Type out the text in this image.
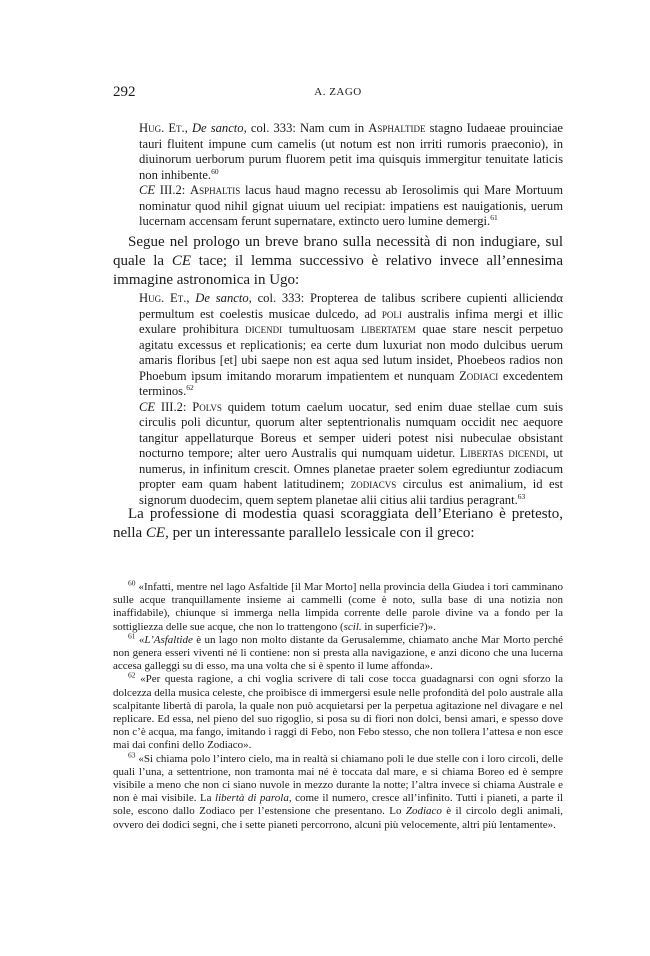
292	A. ZAGO

Hug. Et., De sancto, col. 333: Nam cum in Asphaltide stagno Iudaeae prouinciae tauri fluitent impune cum camelis (ut notum est non irriti rumoris praeconio), in diuinorum uerborum purum fluorem petit ima quisquis immergitur tenuitate laticis non inhibente.$^{60}$

CE III.2: Asphaltis lacus haud magno recessu ab Ierosolimis qui Mare Mortuum nominatur quod nihil gignat uiuum uel recipiat: impatiens est nauigationis, uerum lucernam accensam ferunt supernatare, extincto uero lumine demergi.$^{61}$

Segue nel prologo un breve brano sulla necessità di non indugiare, sul quale la CE tace; il lemma successivo è relativo invece all’ennesima immagine astronomica in Ugo:

Hug. Et., De sancto, col. 333: Propterea de talibus scribere cupienti alliciendα permultum est coelestis musicae dulcedo, ad poli australis infima mergi et illic exulare prohibitura dicendi tumultuosam libertatem quae stare nescit perpetuo agitatu excessus et replicationis; ea certe dum luxuriat non modo dulcibus uerum amaris floribus [et] ubi saepe non est aqua sed lutum insidet, Phoebeos radios non Phoebum ipsum imitando morarum impatientem et nunquam Zodiaci excedentem terminos.$^{62}$

CE III.2: Polvs quidem totum caelum uocatur, sed enim duae stellae cum suis circulis poli dicuntur, quorum alter septentrionalis numquam occidit nec aequore tangitur appellaturque Boreus et semper uideri potest nisi nubeculae obsistant nocturno tempore; alter uero Australis qui numquam uidetur. Libertas dicendi, ut numerus, in infinitum crescit. Omnes planetae praeter solem egrediuntur zodiacum propter eam quam habent latitudinem; zodiacvs circulus est animalium, id est signorum duodecim, quem septem planetae alii citius alii tardius peragrant.$^{63}$

La professione di modestia quasi scoraggiata dell’Eteriano è pretesto, nella CE, per un interessante parallelo lessicale con il greco:

$^{60}$ «Infatti, mentre nel lago Asfaltide [il Mar Morto] nella provincia della Giudea i tori camminano sulle acque tranquillamente insieme ai cammelli (come è noto, sulla base di una notizia non inaffidabile), chiunque si immerga nella limpida corrente delle parole divine va a fondo per la sottigliezza delle sue acque, che non lo trattengono (scil. in superficie?)».

$^{61}$ «L’Asfaltide è un lago non molto distante da Gerusalemme, chiamato anche Mar Morto perché non genera esseri viventi né li contiene: non si presta alla navigazione, e anzi dicono che una lucerna accesa galleggi su di esso, ma una volta che si è spento il lume affonda».

$^{62}$ «Per questa ragione, a chi voglia scrivere di tali cose tocca guadagnarsi con ogni sforzo la dolcezza della musica celeste, che proibisce di immergersi esule nelle profondità del polo australe alla scalpitante libertà di parola, la quale non può acquietarsi per la perpetua agitazione nel divagare e nel replicare. Ed essa, nel pieno del suo rigoglio, si posa su di fiori non dolci, bensì amari, e spesso dove non c’è acqua, ma fango, imitando i raggi di Febo, non Febo stesso, che non tollera l’attesa e non esce mai dai confini dello Zodiaco».

$^{63}$ «Si chiama polo l’intero cielo, ma in realtà si chiamano poli le due stelle con i loro circoli, delle quali l’una, a settentrione, non tramonta mai né è toccata dal mare, e si chiama Boreo ed è sempre visibile a meno che non ci siano nuvole in mezzo durante la notte; l’altra invece si chiama Australe e non è mai visibile. La libertà di parola, come il numero, cresce all’infinito. Tutti i pianeti, a parte il sole, escono dallo Zodiaco per l’estensione che presentano. Lo Zodiaco è il circolo degli animali, ovvero dei dodici segni, che i sette pianeti percorrono, alcuni più velocemente, altri più lentamente».
